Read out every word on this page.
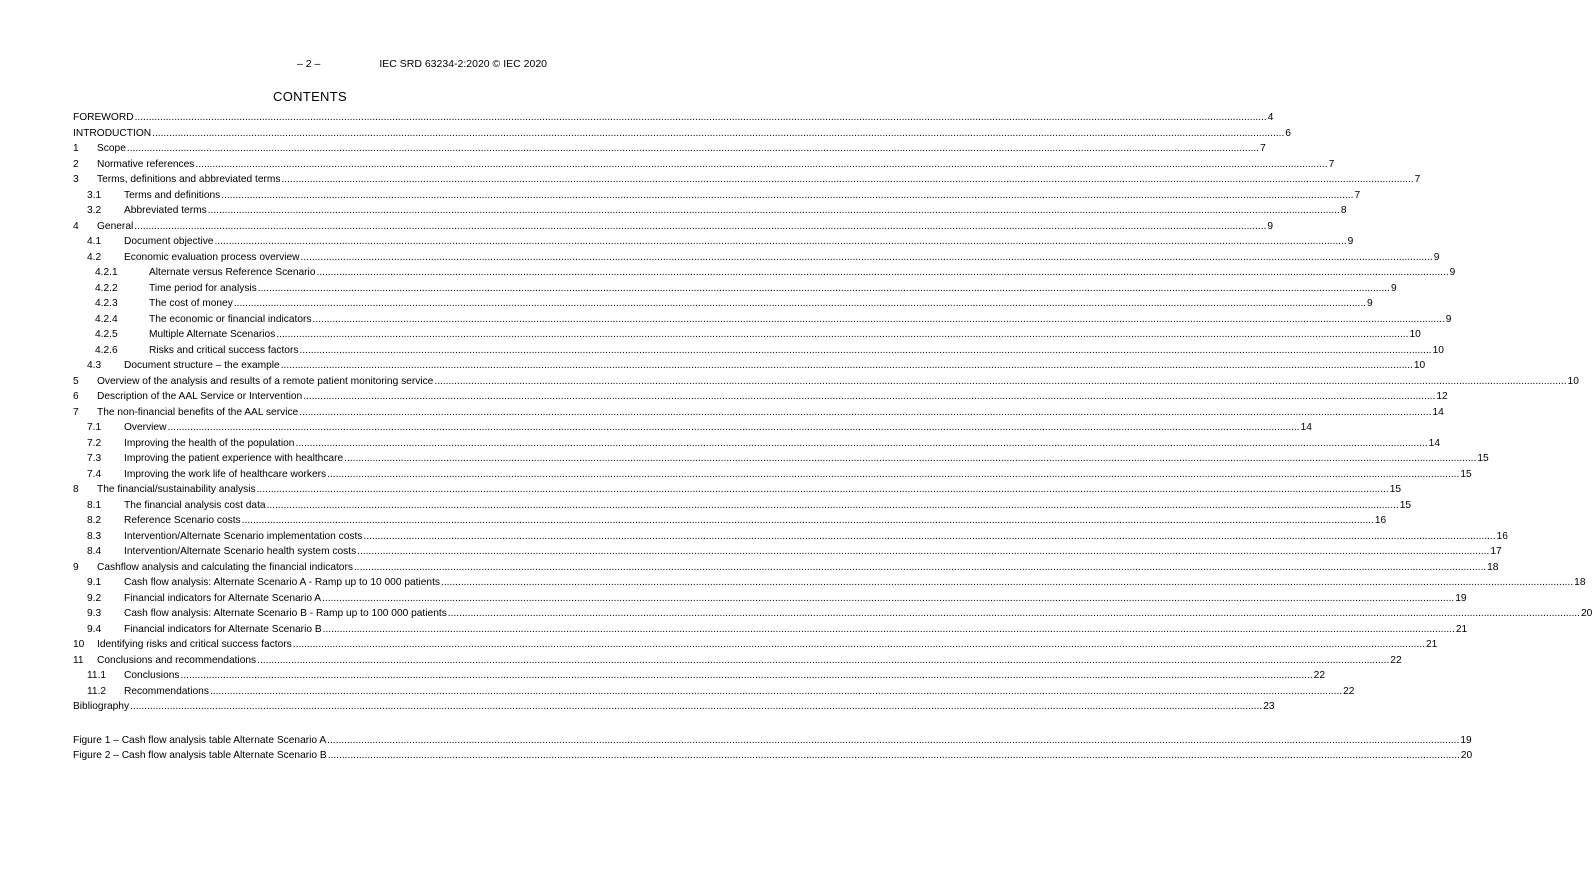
– 2 –	IEC SRD 63234-2:2020 © IEC 2020
CONTENTS
FOREWORD ................................................................................................................................................................................................................................................................................................................................................................................................................ 4
INTRODUCTION ................................................................................................................................................................................................................................................................................................................................................................................................................ 6
1	Scope ................................................................................................................................................................................................................................................................................................................................................................................................................ 7
2	Normative references ................................................................................................................................................................................................................................................................................................................................................................................................................ 7
3	Terms, definitions and abbreviated terms ................................................................................................................................................................................................................................................................................................................................................................................................................ 7
3.1	Terms and definitions ................................................................................................................................................................................................................................................................................................................................................................................................................ 7
3.2	Abbreviated terms ................................................................................................................................................................................................................................................................................................................................................................................................................ 8
4	General ................................................................................................................................................................................................................................................................................................................................................................................................................ 9
4.1	Document objective ................................................................................................................................................................................................................................................................................................................................................................................................................ 9
4.2	Economic evaluation process overview ................................................................................................................................................................................................................................................................................................................................................................................................................ 9
4.2.1	Alternate versus Reference Scenario ................................................................................................................................................................................................................................................................................................................................................................................................................ 9
4.2.2	Time period for analysis ................................................................................................................................................................................................................................................................................................................................................................................................................ 9
4.2.3	The cost of money ................................................................................................................................................................................................................................................................................................................................................................................................................ 9
4.2.4	The economic or financial indicators ................................................................................................................................................................................................................................................................................................................................................................................................................ 9
4.2.5	Multiple Alternate Scenarios ................................................................................................................................................................................................................................................................................................................................................................................................................ 10
4.2.6	Risks and critical success factors ................................................................................................................................................................................................................................................................................................................................................................................................................ 10
4.3	Document structure – the example ................................................................................................................................................................................................................................................................................................................................................................................................................ 10
5	Overview of the analysis and results of a remote patient monitoring service ................................................................................................................................................................................................................................................................................................................................................................................................................ 10
6	Description of the AAL Service or Intervention ................................................................................................................................................................................................................................................................................................................................................................................................................ 12
7	The non-financial benefits of the AAL service ................................................................................................................................................................................................................................................................................................................................................................................................................ 14
7.1	Overview ................................................................................................................................................................................................................................................................................................................................................................................................................ 14
7.2	Improving the health of the population ................................................................................................................................................................................................................................................................................................................................................................................................................ 14
7.3	Improving the patient experience with healthcare ................................................................................................................................................................................................................................................................................................................................................................................................................ 15
7.4	Improving the work life of healthcare workers ................................................................................................................................................................................................................................................................................................................................................................................................................ 15
8	The financial/sustainability analysis ................................................................................................................................................................................................................................................................................................................................................................................................................ 15
8.1	The financial analysis cost data ................................................................................................................................................................................................................................................................................................................................................................................................................ 15
8.2	Reference Scenario costs ................................................................................................................................................................................................................................................................................................................................................................................................................ 16
8.3	Intervention/Alternate Scenario implementation costs ................................................................................................................................................................................................................................................................................................................................................................................................................ 16
8.4	Intervention/Alternate Scenario health system costs ................................................................................................................................................................................................................................................................................................................................................................................................................ 17
9	Cashflow analysis and calculating the financial indicators ................................................................................................................................................................................................................................................................................................................................................................................................................ 18
9.1	Cash flow analysis: Alternate Scenario A - Ramp up to 10 000 patients ................................................................................................................................................................................................................................................................................................................................................................................................................ 18
9.2	Financial indicators for Alternate Scenario A ................................................................................................................................................................................................................................................................................................................................................................................................................ 19
9.3	Cash flow analysis: Alternate Scenario B - Ramp up to 100 000 patients ................................................................................................................................................................................................................................................................................................................................................................................................................ 20
9.4	Financial indicators for Alternate Scenario B ................................................................................................................................................................................................................................................................................................................................................................................................................ 21
10	Identifying risks and critical success factors ................................................................................................................................................................................................................................................................................................................................................................................................................ 21
11	Conclusions and recommendations ................................................................................................................................................................................................................................................................................................................................................................................................................ 22
11.1	Conclusions ................................................................................................................................................................................................................................................................................................................................................................................................................ 22
11.2	Recommendations ................................................................................................................................................................................................................................................................................................................................................................................................................ 22
Bibliography ................................................................................................................................................................................................................................................................................................................................................................................................................ 23
Figure 1 – Cash flow analysis table Alternate Scenario A ................................................................................................................................................................................................................................................................................................................................................................................................................ 19
Figure 2 – Cash flow analysis table Alternate Scenario B ................................................................................................................................................................................................................................................................................................................................................................................................................ 20
